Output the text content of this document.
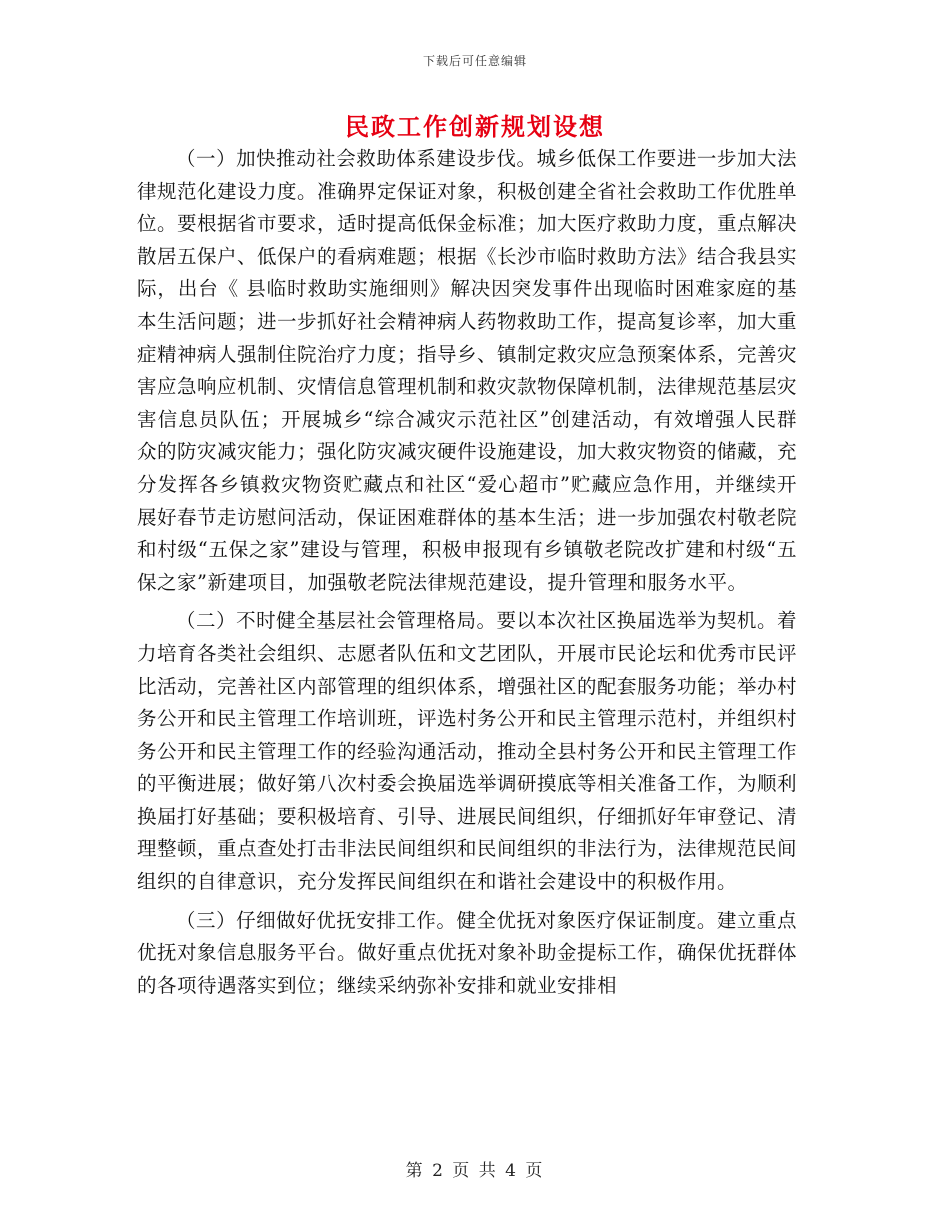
下载后可任意编辑
民政工作创新规划设想

（一）加快推动社会救助体系建设步伐。城乡低保工作要进一步加大法律规范化建设力度。准确界定保证对象，积极创建全省社会救助工作优胜单位。要根据省市要求，适时提高低保金标准；加大医疗救助力度，重点解决散居五保户、低保户的看病难题；根据《长沙市临时救助方法》结合我县实际，出台《 县临时救助实施细则》解决因突发事件出现临时困难家庭的基本生活问题；进一步抓好社会精神病人药物救助工作，提高复诊率，加大重症精神病人强制住院治疗力度；指导乡、镇制定救灾应急预案体系，完善灾害应急响应机制、灾情信息管理机制和救灾款物保障机制，法律规范基层灾害信息员队伍；开展城乡“综合减灾示范社区”创建活动，有效增强人民群众的防灾减灾能力；强化防灾减灾硬件设施建设，加大救灾物资的储藏，充分发挥各乡镇救灾物资贮藏点和社区“爱心超市”贮藏应急作用，并继续开展好春节走访慰问活动，保证困难群体的基本生活；进一步加强农村敬老院和村级“五保之家”建设与管理，积极申报现有乡镇敬老院改扩建和村级“五保之家”新建项目，加强敬老院法律规范建设，提升管理和服务水平。

（二）不时健全基层社会管理格局。要以本次社区换届选举为契机。着力培育各类社会组织、志愿者队伍和文艺团队，开展市民论坛和优秀市民评比活动，完善社区内部管理的组织体系，增强社区的配套服务功能；举办村务公开和民主管理工作培训班，评选村务公开和民主管理示范村，并组织村务公开和民主管理工作的经验沟通活动，推动全县村务公开和民主管理工作的平衡进展；做好第八次村委会换届选举调研摸底等相关准备工作，为顺利换届打好基础；要积极培育、引导、进展民间组织，仔细抓好年审登记、清理整顿，重点查处打击非法民间组织和民间组织的非法行为，法律规范民间组织的自律意识，充分发挥民间组织在和谐社会建设中的积极作用。

（三）仔细做好优抚安排工作。健全优抚对象医疗保证制度。建立重点优抚对象信息服务平台。做好重点优抚对象补助金提标工作，确保优抚群体的各项待遇落实到位；继续采纳弥补安排和就业安排相

第 2 页 共 4 页
